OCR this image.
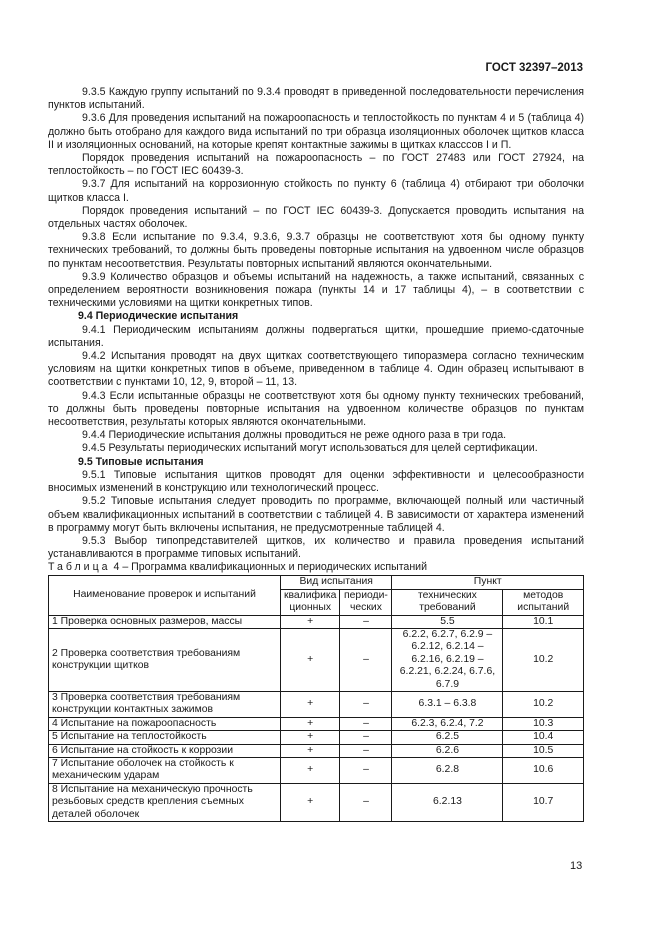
ГОСТ 32397–2013

9.3.5 Каждую группу испытаний по 9.3.4 проводят в приведенной последовательности перечисления пунктов испытаний.

9.3.6 Для проведения испытаний на пожароопасность и теплостойкость по пунктам 4 и 5 (таблица 4) должно быть отобрано для каждого вида испытаний по три образца изоляционных оболочек щитков класса II и изоляционных оснований, на которые крепят контактные зажимы в щитках класссов I и П.

Порядок проведения испытаний на пожароопасность – по ГОСТ 27483 или ГОСТ 27924, на теплостойкость – по ГОСТ IEC 60439-3.

9.3.7 Для испытаний на коррозионную стойкость по пункту 6 (таблица 4) отбирают три оболочки щитков класса I.

Порядок проведения испытаний – по ГОСТ IEC 60439-3. Допускается проводить испытания на отдельных частях оболочек.

9.3.8 Если испытание по 9.3.4, 9.3.6, 9.3.7 образцы не соответствуют хотя бы одному пункту технических требований, то должны быть проведены повторные испытания на удвоенном числе образцов по пунктам несоответствия. Результаты повторных испытаний являются окончательными.

9.3.9 Количество образцов и объемы испытаний на надежность, а также испытаний, связанных с определением вероятности возникновения пожара (пункты 14 и 17 таблицы 4), – в соответствии с техническими условиями на щитки конкретных типов.

9.4 Периодические испытания

9.4.1 Периодическим испытаниям должны подвергаться щитки, прошедшие приемо-сдаточные испытания.

9.4.2 Испытания проводят на двух щитках соответствующего типоразмера согласно техническим условиям на щитки конкретных типов в объеме, приведенном в таблице 4. Один образец испытывают в соответствии с пунктами 10, 12, 9, второй – 11, 13.

9.4.3 Если испытанные образцы не соответствуют хотя бы одному пункту технических требований, то должны быть проведены повторные испытания на удвоенном количестве образцов по пунктам несоответствия, результаты которых являются окончательными.

9.4.4 Периодические испытания должны проводиться не реже одного раза в три года.

9.4.5 Результаты периодических испытаний могут использоваться для целей сертификации.

9.5 Типовые испытания

9.5.1 Типовые испытания щитков проводят для оценки эффективности и целесообразности вносимых изменений в конструкцию или технологический процесс.

9.5.2 Типовые испытания следует проводить по программе, включающей полный или частичный объем квалификационных испытаний в соответствии с таблицей 4. В зависимости от характера изменений в программу могут быть включены испытания, не предусмотренные таблицей 4.

9.5.3 Выбор типопредставителей щитков, их количество и правила проведения испытаний устанавливаются в программе типовых испытаний.

Таблица 4 – Программа квалификационных и периодических испытаний

Наименование проверок и испытаний	Вид испытания		Пункт	
	квалифика ционных	периоди-ческих	технических требований	методов испытаний
1 Проверка основных размеров, массы	+	–	5.5	10.1
2 Проверка соответствия требованиям конструкции щитков	+	–	6.2.2, 6.2.7, 6.2.9 – 6.2.12, 6.2.14 – 6.2.16, 6.2.19 – 6.2.21, 6.2.24, 6.7.6, 6.7.9	10.2
3 Проверка соответствия требованиям конструкции контактных зажимов	+	–	6.3.1 – 6.3.8	10.2
4 Испытание на пожароопасность	+	–	6.2.3, 6.2.4, 7.2	10.3
5 Испытание на теплостойкость	+	–	6.2.5	10.4
6 Испытание на стойкость к коррозии	+	–	6.2.6	10.5
7 Испытание оболочек на стойкость к механическим ударам	+	–	6.2.8	10.6
8 Испытание на механическую прочность резьбовых средств крепления съемных деталей оболочек	+	–	6.2.13	10.7
13
